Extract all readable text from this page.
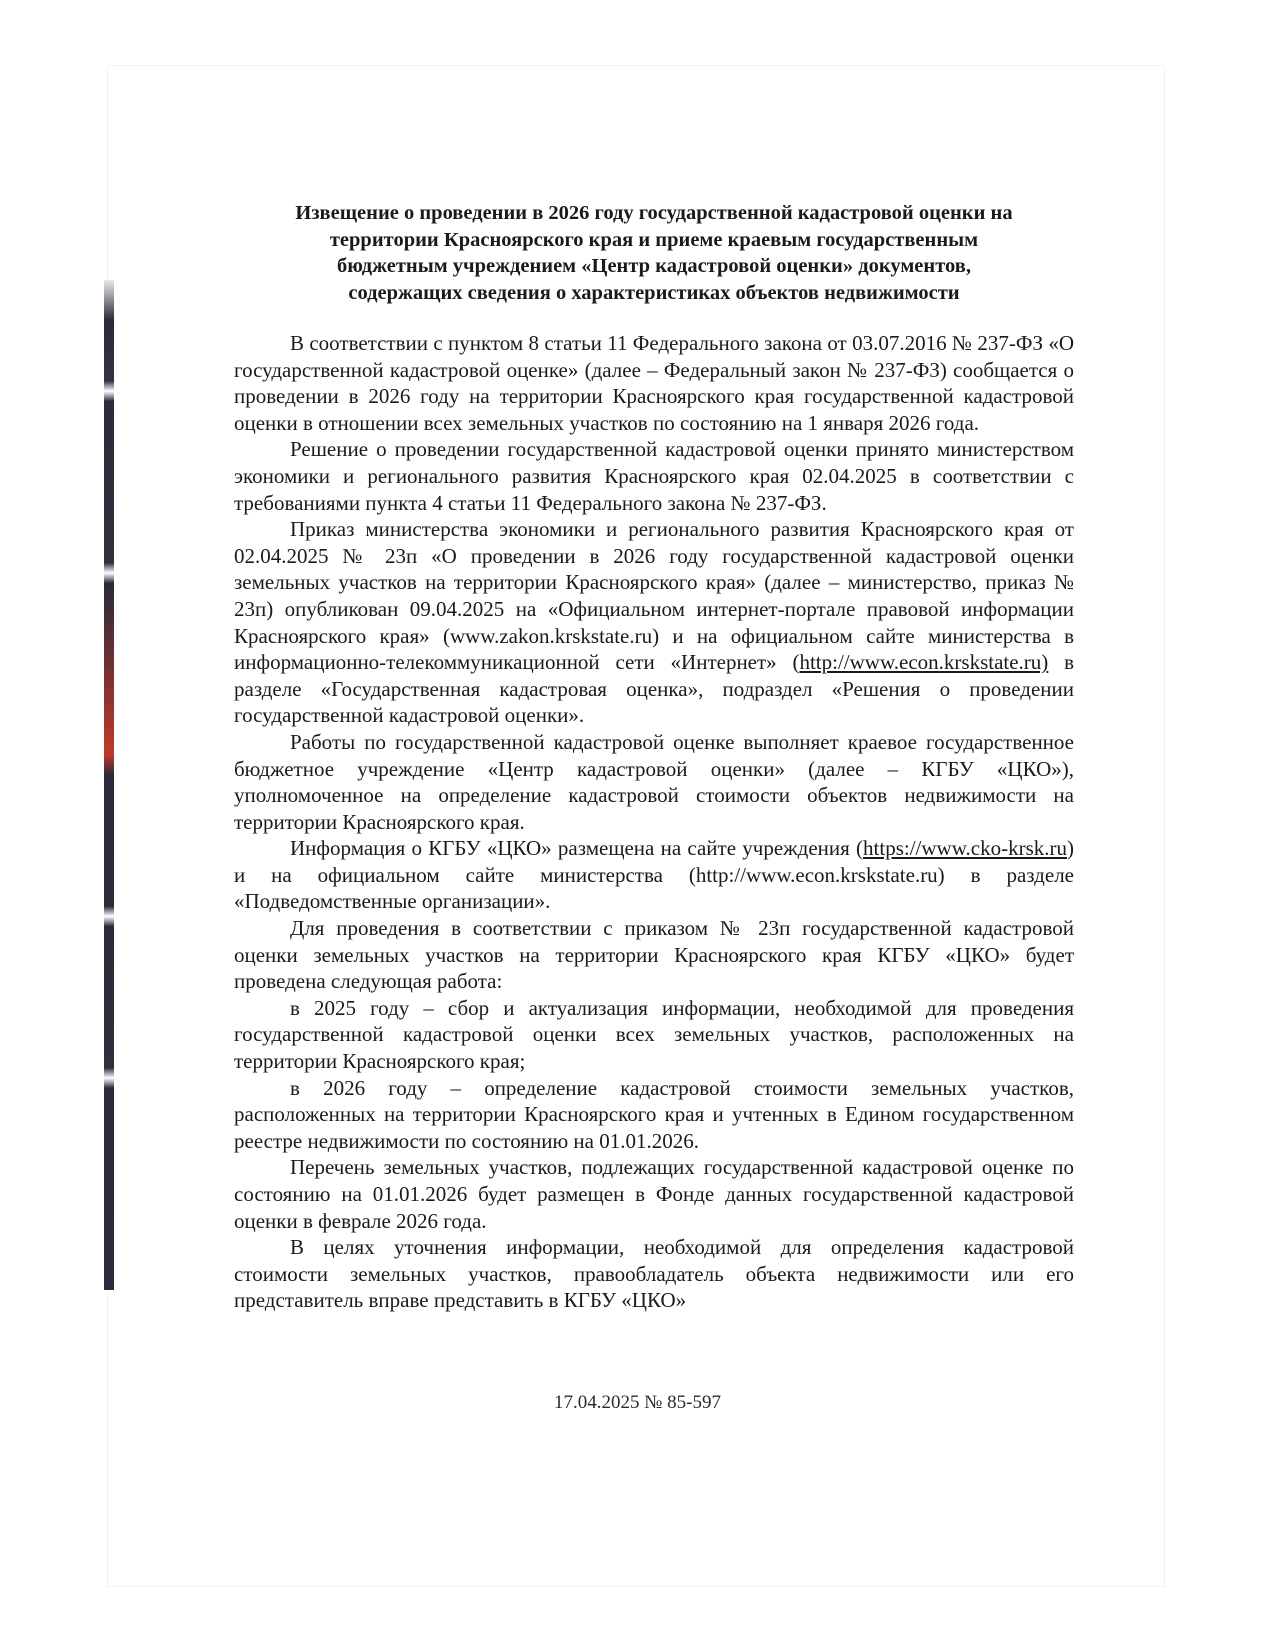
Извещение о проведении в 2026 году государственной кадастровой оценки на
территории Красноярского края и приеме краевым государственным
бюджетным учреждением «Центр кадастровой оценки» документов,
содержащих сведения о характеристиках объектов недвижимости

В соответствии с пунктом 8 статьи 11 Федерального закона от 03.07.2016 № 237-ФЗ «О государственной кадастровой оценке» (далее – Федеральный закон № 237-ФЗ) сообщается о проведении в 2026 году на территории Красноярского края государственной кадастровой оценки в отношении всех земельных участков по состоянию на 1 января 2026 года.

Решение о проведении государственной кадастровой оценки принято министерством экономики и регионального развития Красноярского края 02.04.2025 в соответствии с требованиями пункта 4 статьи 11 Федерального закона № 237-ФЗ.

Приказ министерства экономики и регионального развития Красноярского края от 02.04.2025 № 23п «О проведении в 2026 году государственной кадастровой оценки земельных участков на территории Красноярского края» (далее – министерство, приказ № 23п) опубликован 09.04.2025 на «Официальном интернет-портале правовой информации Красноярского края» (www.zakon.krskstate.ru) и на официальном сайте министерства в информационно-телекоммуникационной сети «Интернет» (http://www.econ.krskstate.ru) в разделе «Государственная кадастровая оценка», подраздел «Решения о проведении государственной кадастровой оценки».

Работы по государственной кадастровой оценке выполняет краевое государственное бюджетное учреждение «Центр кадастровой оценки» (далее – КГБУ «ЦКО»), уполномоченное на определение кадастровой стоимости объектов недвижимости на территории Красноярского края.

Информация о КГБУ «ЦКО» размещена на сайте учреждения (https://www.cko-krsk.ru) и на официальном сайте министерства (http://www.econ.krskstate.ru) в разделе «Подведомственные организации».

Для проведения в соответствии с приказом № 23п государственной кадастровой оценки земельных участков на территории Красноярского края КГБУ «ЦКО» будет проведена следующая работа:

в 2025 году – сбор и актуализация информации, необходимой для проведения государственной кадастровой оценки всех земельных участков, расположенных на территории Красноярского края;

в 2026 году – определение кадастровой стоимости земельных участков, расположенных на территории Красноярского края и учтенных в Едином государственном реестре недвижимости по состоянию на 01.01.2026.

Перечень земельных участков, подлежащих государственной кадастровой оценке по состоянию на 01.01.2026 будет размещен в Фонде данных государственной кадастровой оценки в феврале 2026 года.

В целях уточнения информации, необходимой для определения кадастровой стоимости земельных участков, правообладатель объекта недвижимости или его представитель вправе представить в КГБУ «ЦКО»

17.04.2025 № 85-597
